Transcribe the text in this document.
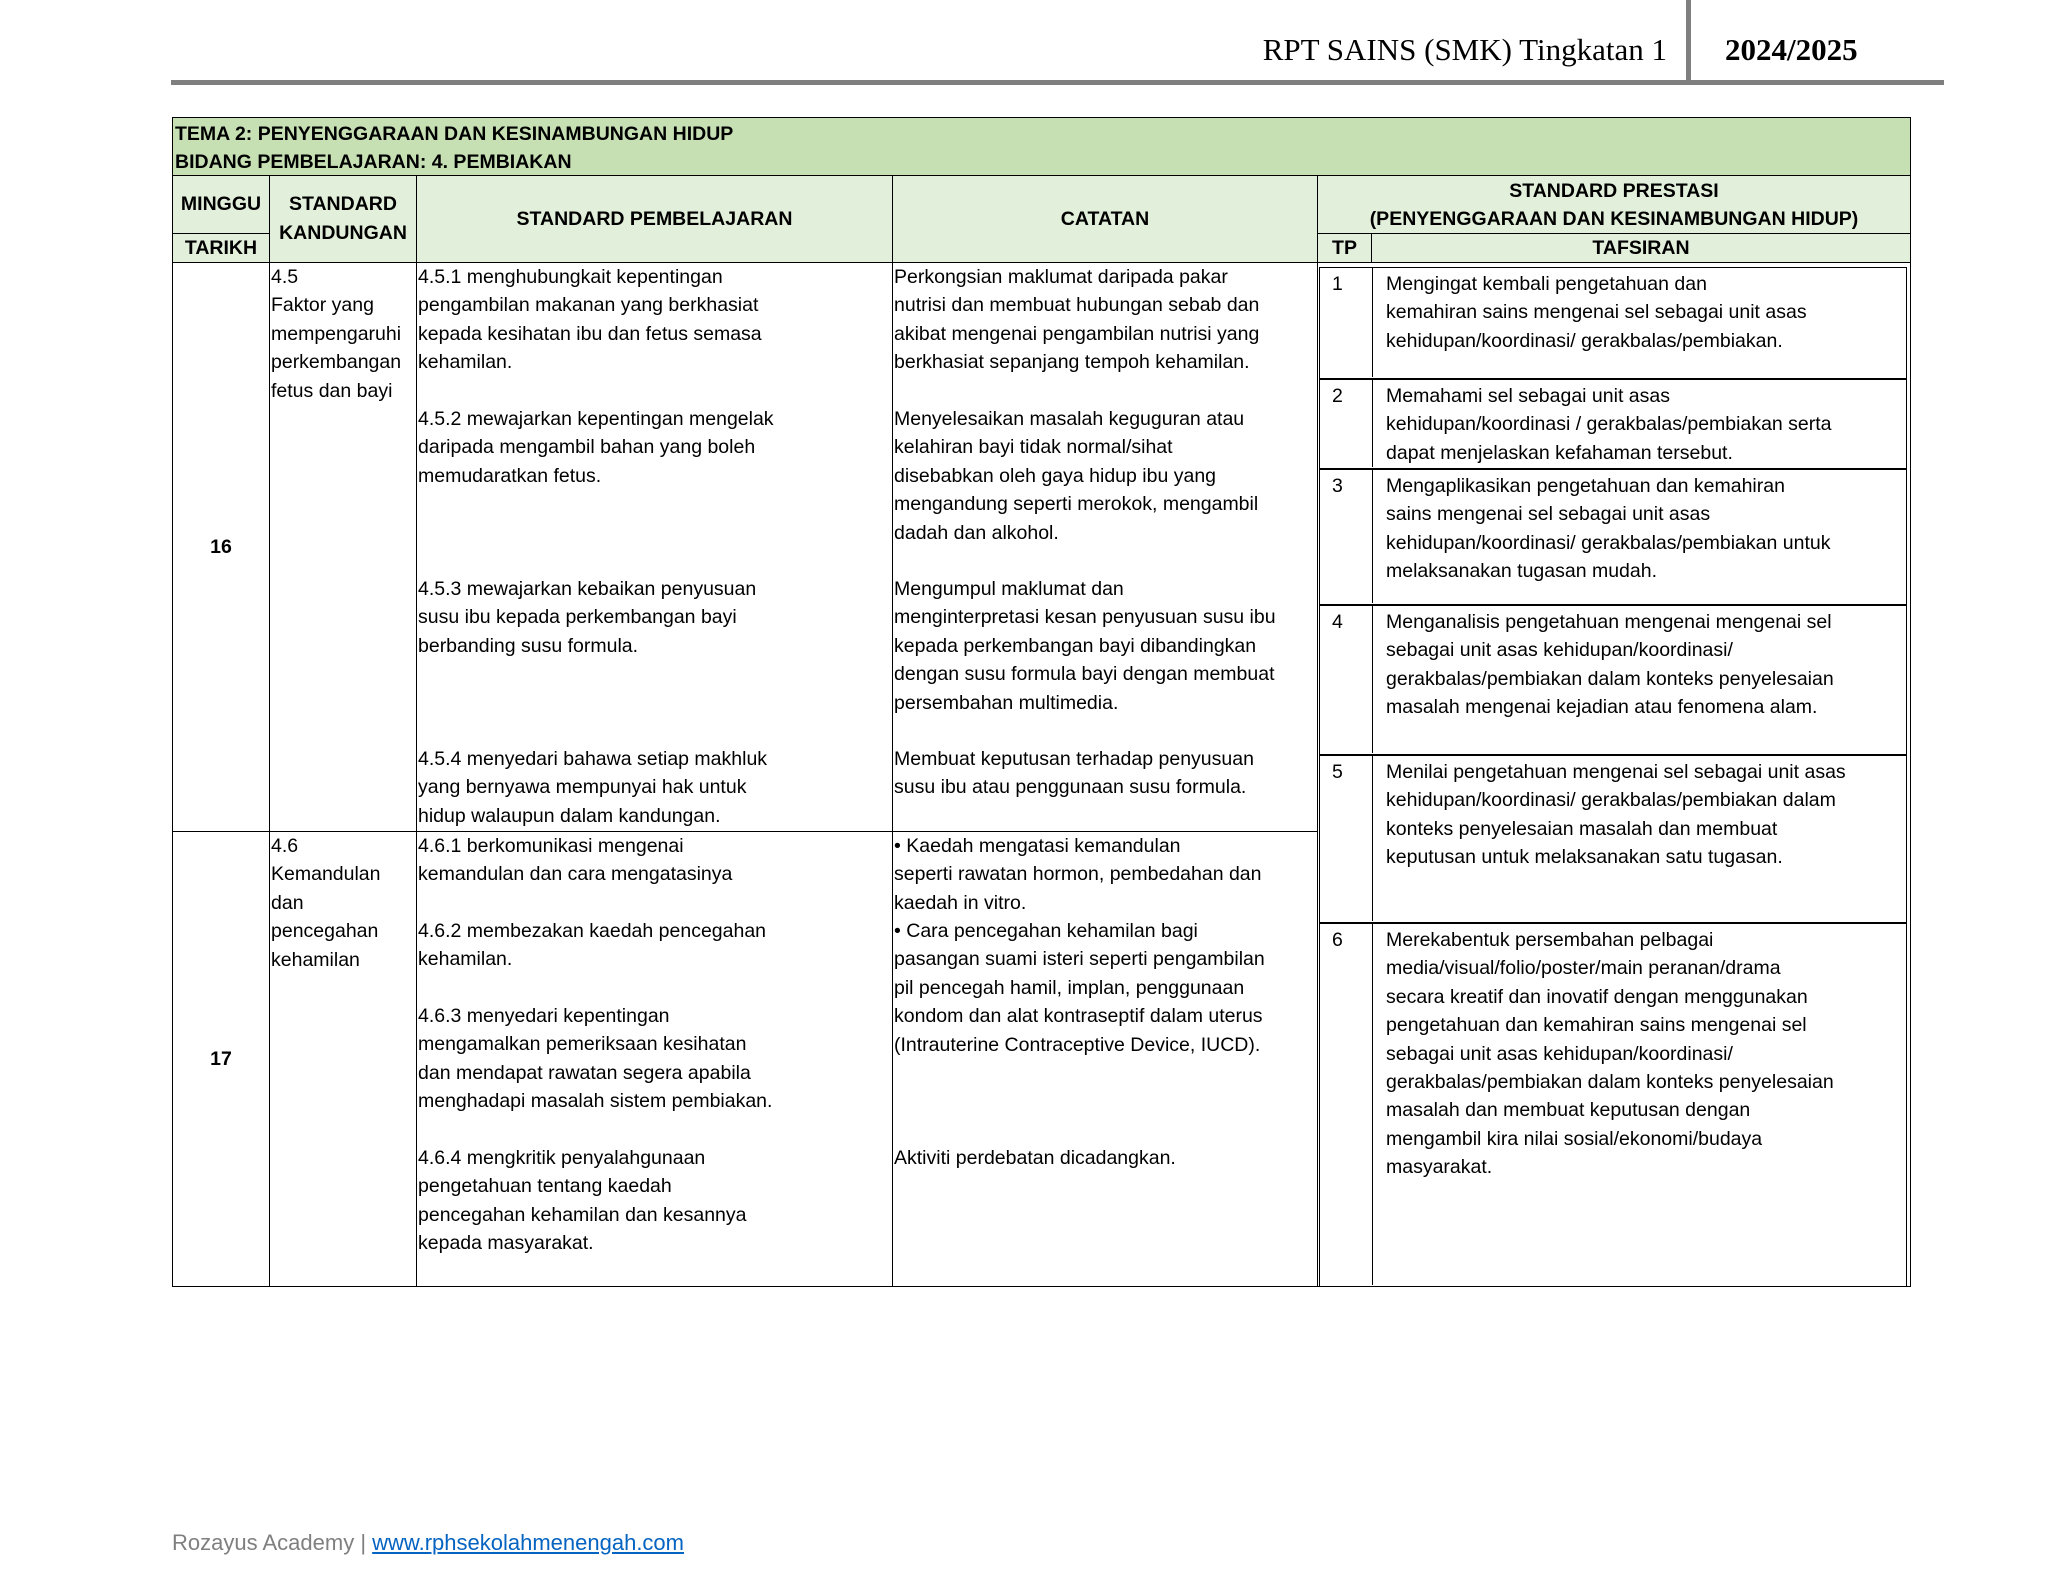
RPT SAINS (SMK) Tingkatan 1 2024/2025
TEMA 2: PENYENGGARAAN DAN KESINAMBUNGAN HIDUP
BIDANG PEMBELAJARAN: 4. PEMBIAKAN
MINGGU
TARIKH
STANDARD
KANDUNGAN
STANDARD PEMBELAJARAN	CATATAN
STANDARD PRESTASI
(PENYENGGARAAN DAN KESINAMBUNGAN HIDUP)
TP	TAFSIRAN
16
4.5
Faktor yang
mempengaruhi
perkembangan
fetus dan bayi
4.5.1 menghubungkait kepentingan
pengambilan makanan yang berkhasiat
kepada kesihatan ibu dan fetus semasa
kehamilan.
4.5.2 mewajarkan kepentingan mengelak
daripada mengambil bahan yang boleh
memudaratkan fetus.
4.5.3 mewajarkan kebaikan penyusuan
susu ibu kepada perkembangan bayi
berbanding susu formula.
4.5.4 menyedari bahawa setiap makhluk
yang bernyawa mempunyai hak untuk
hidup walaupun dalam kandungan.
Perkongsian maklumat daripada pakar
nutrisi dan membuat hubungan sebab dan
akibat mengenai pengambilan nutrisi yang
berkhasiat sepanjang tempoh kehamilan.
Menyelesaikan masalah keguguran atau
kelahiran bayi tidak normal/sihat
disebabkan oleh gaya hidup ibu yang
mengandung seperti merokok, mengambil
dadah dan alkohol.
Mengumpul maklumat dan
menginterpretasi kesan penyusuan susu ibu
kepada perkembangan bayi dibandingkan
dengan susu formula bayi dengan membuat
persembahan multimedia.
Membuat keputusan terhadap penyusuan
susu ibu atau penggunaan susu formula.
17
4.6
Kemandulan
dan
pencegahan
kehamilan
4.6.1 berkomunikasi mengenai
kemandulan dan cara mengatasinya
4.6.2 membezakan kaedah pencegahan
kehamilan.
4.6.3 menyedari kepentingan
mengamalkan pemeriksaan kesihatan
dan mendapat rawatan segera apabila
menghadapi masalah sistem pembiakan.
4.6.4 mengkritik penyalahgunaan
pengetahuan tentang kaedah
pencegahan kehamilan dan kesannya
kepada masyarakat.
• Kaedah mengatasi kemandulan
seperti rawatan hormon, pembedahan dan
kaedah in vitro.
• Cara pencegahan kehamilan bagi
pasangan suami isteri seperti pengambilan
pil pencegah hamil, implan, penggunaan
kondom dan alat kontraseptif dalam uterus
(Intrauterine Contraceptive Device, IUCD).
Aktiviti perdebatan dicadangkan.
1 Mengingat kembali pengetahuan dan
kemahiran sains mengenai sel sebagai unit asas
kehidupan/koordinasi/ gerakbalas/pembiakan.
2 Memahami sel sebagai unit asas
kehidupan/koordinasi / gerakbalas/pembiakan serta
dapat menjelaskan kefahaman tersebut.
3 Mengaplikasikan pengetahuan dan kemahiran
sains mengenai sel sebagai unit asas
kehidupan/koordinasi/ gerakbalas/pembiakan untuk
melaksanakan tugasan mudah.
4 Menganalisis pengetahuan mengenai mengenai sel
sebagai unit asas kehidupan/koordinasi/
gerakbalas/pembiakan dalam konteks penyelesaian
masalah mengenai kejadian atau fenomena alam.
5 Menilai pengetahuan mengenai sel sebagai unit asas
kehidupan/koordinasi/ gerakbalas/pembiakan dalam
konteks penyelesaian masalah dan membuat
keputusan untuk melaksanakan satu tugasan.
6 Merekabentuk persembahan pelbagai
media/visual/folio/poster/main peranan/drama
secara kreatif dan inovatif dengan menggunakan
pengetahuan dan kemahiran sains mengenai sel
sebagai unit asas kehidupan/koordinasi/
gerakbalas/pembiakan dalam konteks penyelesaian
masalah dan membuat keputusan dengan
mengambil kira nilai sosial/ekonomi/budaya
masyarakat.
Rozayus Academy | www.rphsekolahmenengah.com
